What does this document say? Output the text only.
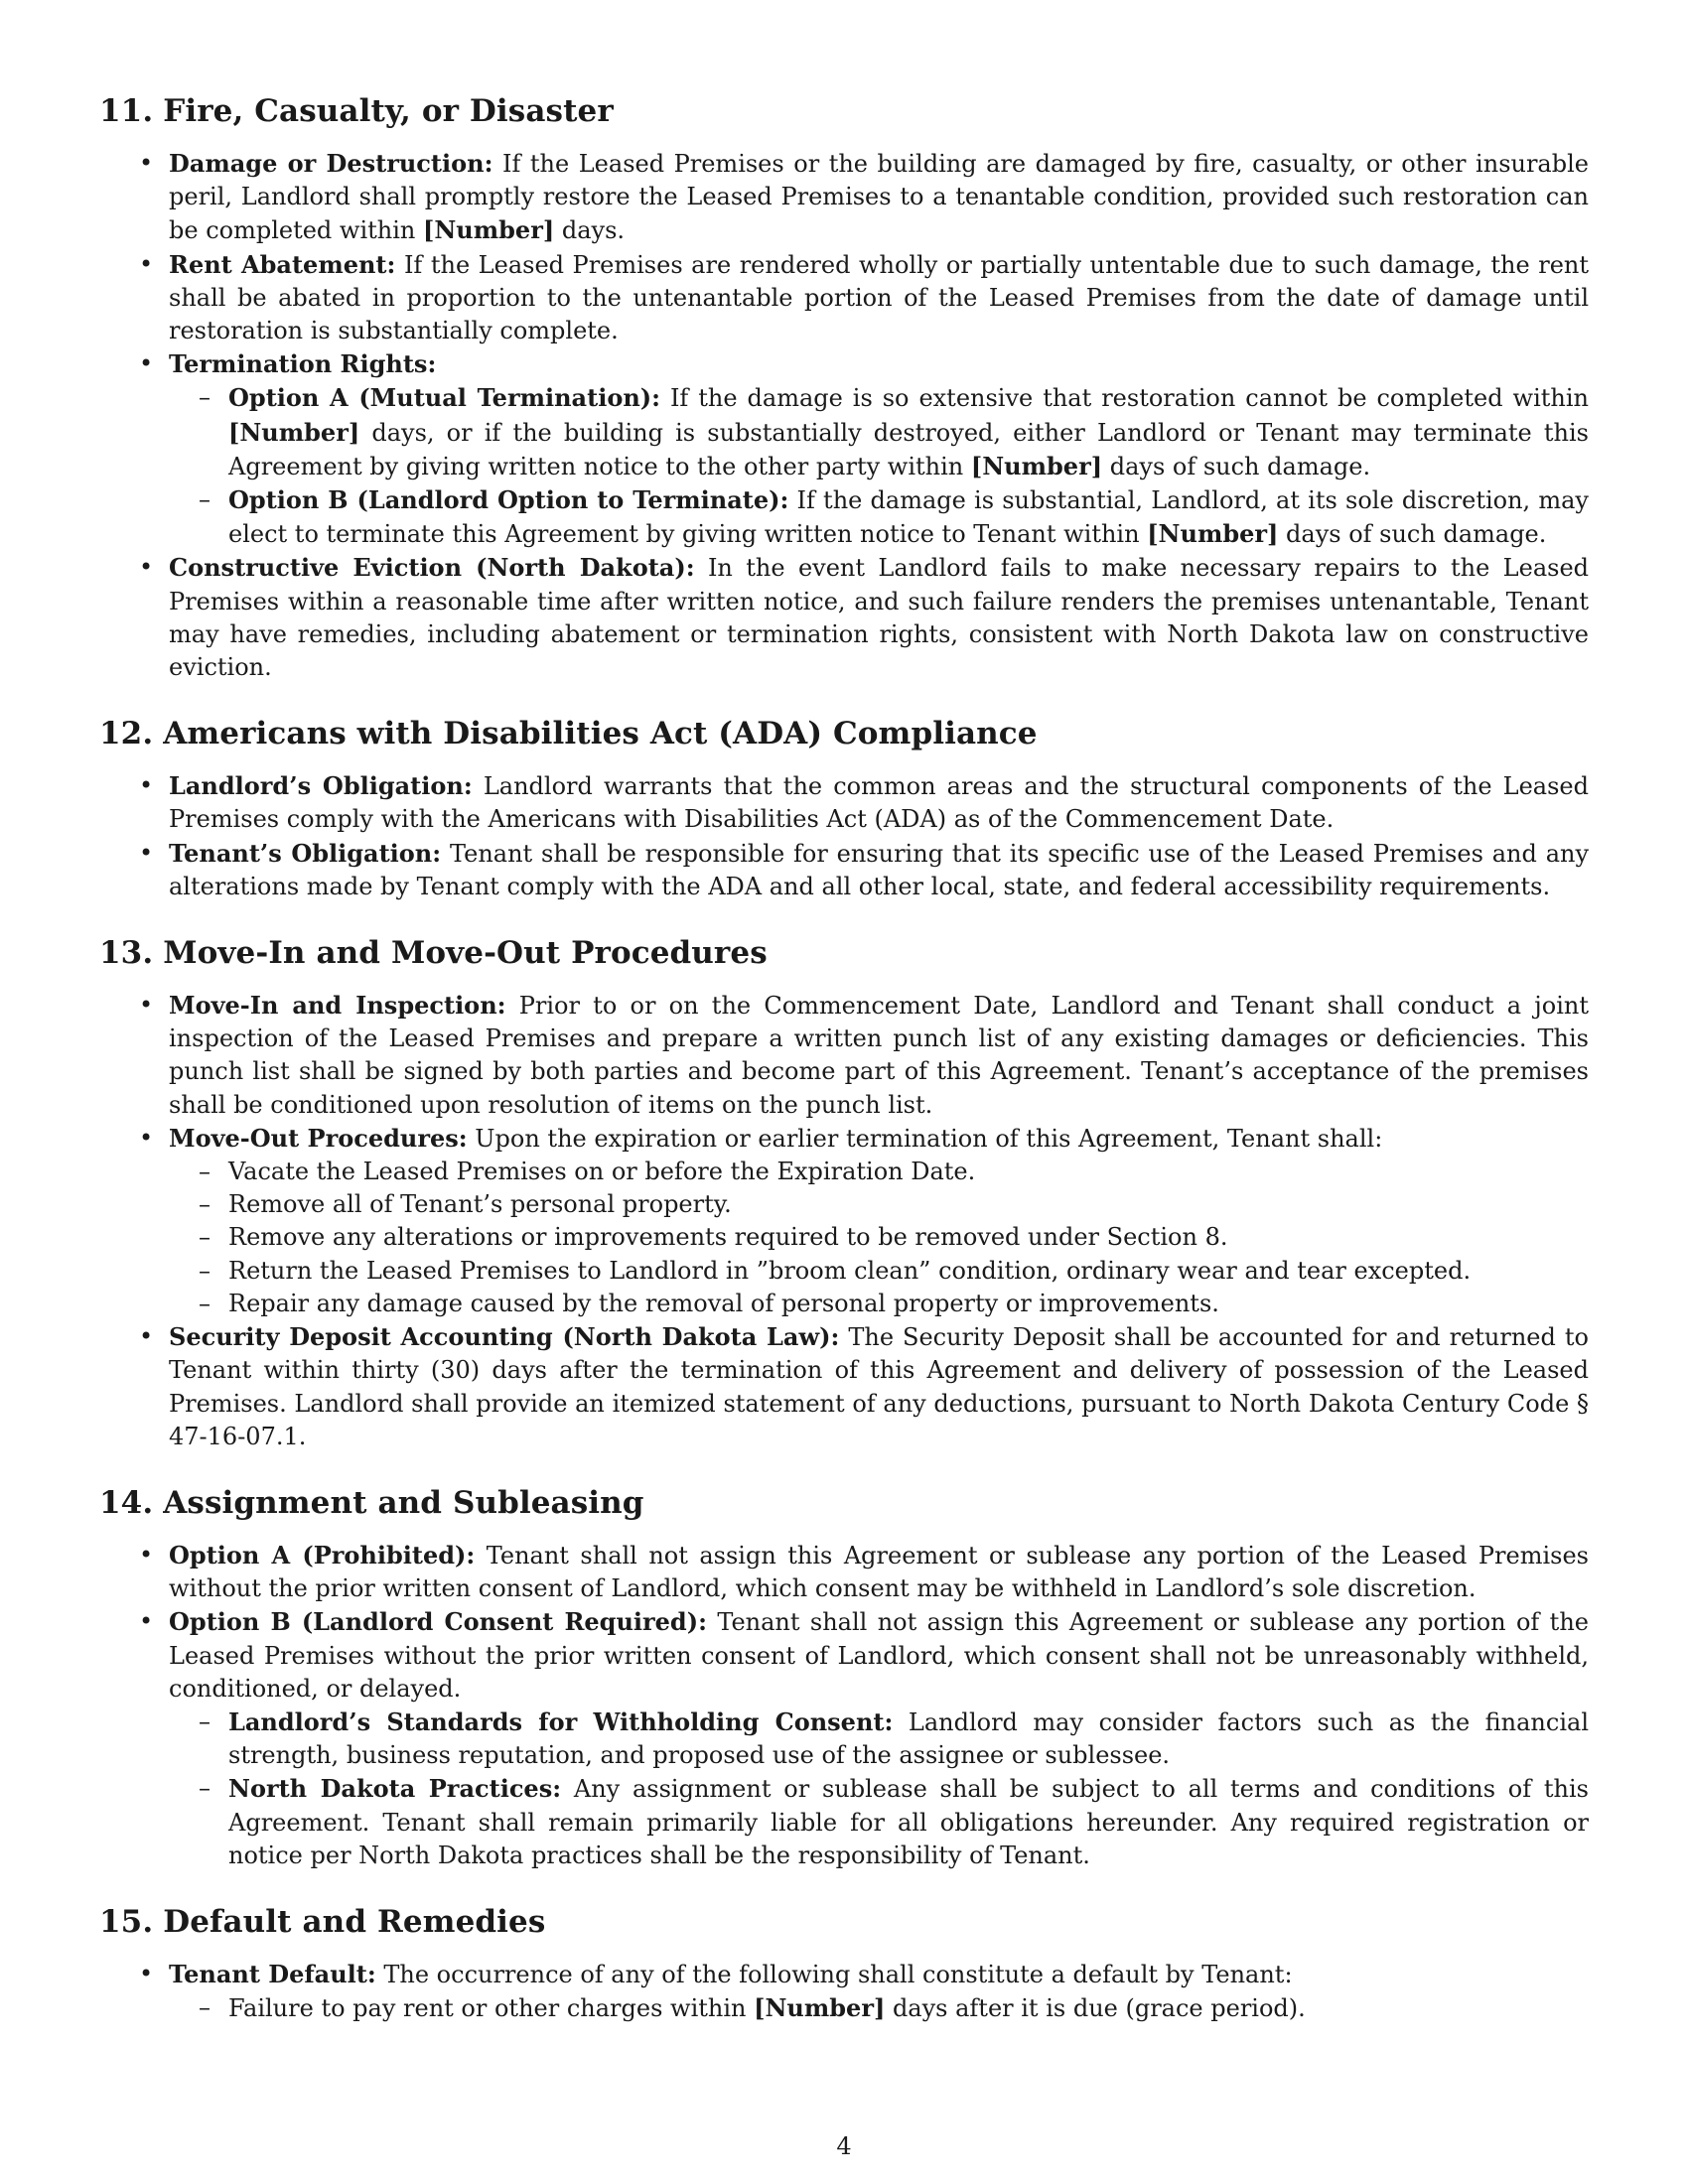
11. Fire, Casualty, or Disaster
• Damage or Destruction: If the Leased Premises or the building are damaged by fire, casualty, or other insurable peril, Landlord shall promptly restore the Leased Premises to a tenantable condition, provided such restoration can be completed within [Number] days.
• Rent Abatement: If the Leased Premises are rendered wholly or partially untentable due to such damage, the rent shall be abated in proportion to the untenantable portion of the Leased Premises from the date of damage until restoration is substantially complete.
• Termination Rights:
– Option A (Mutual Termination): If the damage is so extensive that restoration cannot be completed within [Number] days, or if the building is substantially destroyed, either Landlord or Tenant may terminate this Agreement by giving written notice to the other party within [Number] days of such damage.
– Option B (Landlord Option to Terminate): If the damage is substantial, Landlord, at its sole discretion, may elect to terminate this Agreement by giving written notice to Tenant within [Number] days of such damage.
• Constructive Eviction (North Dakota): In the event Landlord fails to make necessary repairs to the Leased Premises within a reasonable time after written notice, and such failure renders the premises untenantable, Tenant may have remedies, including abatement or termination rights, consistent with North Dakota law on constructive eviction.
12. Americans with Disabilities Act (ADA) Compliance
• Landlord’s Obligation: Landlord warrants that the common areas and the structural components of the Leased Premises comply with the Americans with Disabilities Act (ADA) as of the Commencement Date.
• Tenant’s Obligation: Tenant shall be responsible for ensuring that its specific use of the Leased Premises and any alterations made by Tenant comply with the ADA and all other local, state, and federal accessibility requirements.
13. Move-In and Move-Out Procedures
• Move-In and Inspection: Prior to or on the Commencement Date, Landlord and Tenant shall conduct a joint inspection of the Leased Premises and prepare a written punch list of any existing damages or deficiencies. This punch list shall be signed by both parties and become part of this Agreement. Tenant’s acceptance of the premises shall be conditioned upon resolution of items on the punch list.
• Move-Out Procedures: Upon the expiration or earlier termination of this Agreement, Tenant shall:
– Vacate the Leased Premises on or before the Expiration Date.
– Remove all of Tenant’s personal property.
– Remove any alterations or improvements required to be removed under Section 8.
– Return the Leased Premises to Landlord in ”broom clean” condition, ordinary wear and tear excepted.
– Repair any damage caused by the removal of personal property or improvements.
• Security Deposit Accounting (North Dakota Law): The Security Deposit shall be accounted for and returned to Tenant within thirty (30) days after the termination of this Agreement and delivery of possession of the Leased Premises. Landlord shall provide an itemized statement of any deductions, pursuant to North Dakota Century Code § 47-16-07.1.
14. Assignment and Subleasing
• Option A (Prohibited): Tenant shall not assign this Agreement or sublease any portion of the Leased Premises without the prior written consent of Landlord, which consent may be withheld in Landlord’s sole discretion.
• Option B (Landlord Consent Required): Tenant shall not assign this Agreement or sublease any portion of the Leased Premises without the prior written consent of Landlord, which consent shall not be unreasonably withheld, conditioned, or delayed.
– Landlord’s Standards for Withholding Consent: Landlord may consider factors such as the financial strength, business reputation, and proposed use of the assignee or sublessee.
– North Dakota Practices: Any assignment or sublease shall be subject to all terms and conditions of this Agreement. Tenant shall remain primarily liable for all obligations hereunder. Any required registration or notice per North Dakota practices shall be the responsibility of Tenant.
15. Default and Remedies
• Tenant Default: The occurrence of any of the following shall constitute a default by Tenant:
– Failure to pay rent or other charges within [Number] days after it is due (grace period).
4
